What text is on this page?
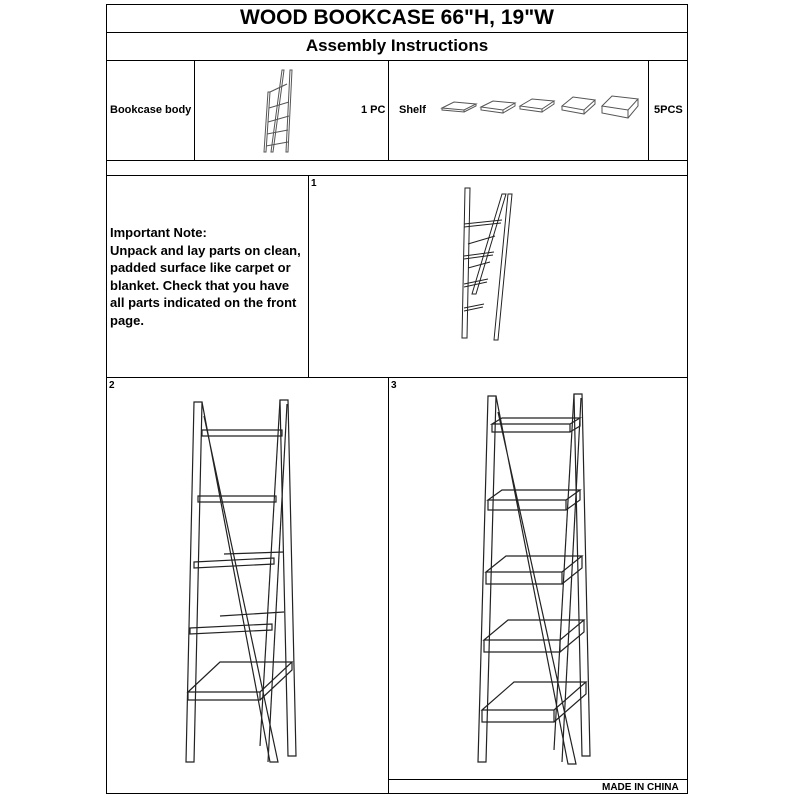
WOOD BOOKCASE 66"H, 19"W
Assembly Instructions
Bookcase body	1 PC Shelf	5PCS
Important Note:
Unpack and lay parts on clean,
padded surface like carpet or
blanket. Check that you have
all parts indicated on the front
page.
1
2	3
MADE IN CHINA
